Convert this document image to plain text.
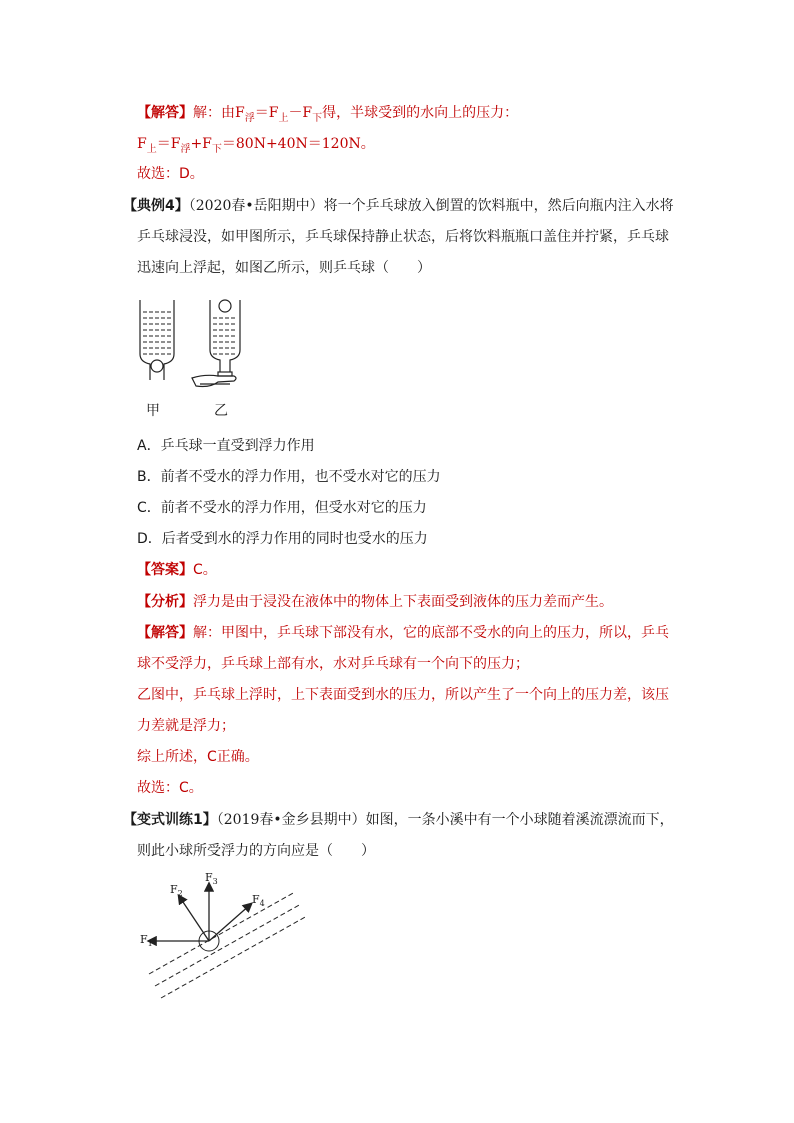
【解答】解：由$F_浮=F_上-F_下$得，半球受到的水向上的压力：
$F_上=F_浮+F_下=80N+40N=120N$。
故选：D。
【典例4】（2020春•岳阳期中）将一个乒乓球放入倒置的饮料瓶中，然后向瓶内注入水将
乒乓球浸没，如甲图所示，乒乓球保持静止状态，后将饮料瓶瓶口盖住并拧紧，乒乓球
迅速向上浮起，如图乙所示，则乒乓球（　　）
甲	乙
A．乒乓球一直受到浮力作用
B．前者不受水的浮力作用，也不受水对它的压力
C．前者不受水的浮力作用，但受水对它的压力
D．后者受到水的浮力作用的同时也受水的压力
【答案】C。
【分析】浮力是由于浸没在液体中的物体上下表面受到液体的压力差而产生。
【解答】解：甲图中，乒乓球下部没有水，它的底部不受水的向上的压力，所以，乒乓
球不受浮力，乒乓球上部有水，水对乒乓球有一个向下的压力；
乙图中，乒乓球上浮时，上下表面受到水的压力，所以产生了一个向上的压力差，该压
力差就是浮力；
综上所述，C正确。
故选：C。
【变式训练1】（2019春•金乡县期中）如图，一条小溪中有一个小球随着溪流漂流而下，
则此小球所受浮力的方向应是（　　）
$F_1$
$F_2$
$F_3$
$F_4$
